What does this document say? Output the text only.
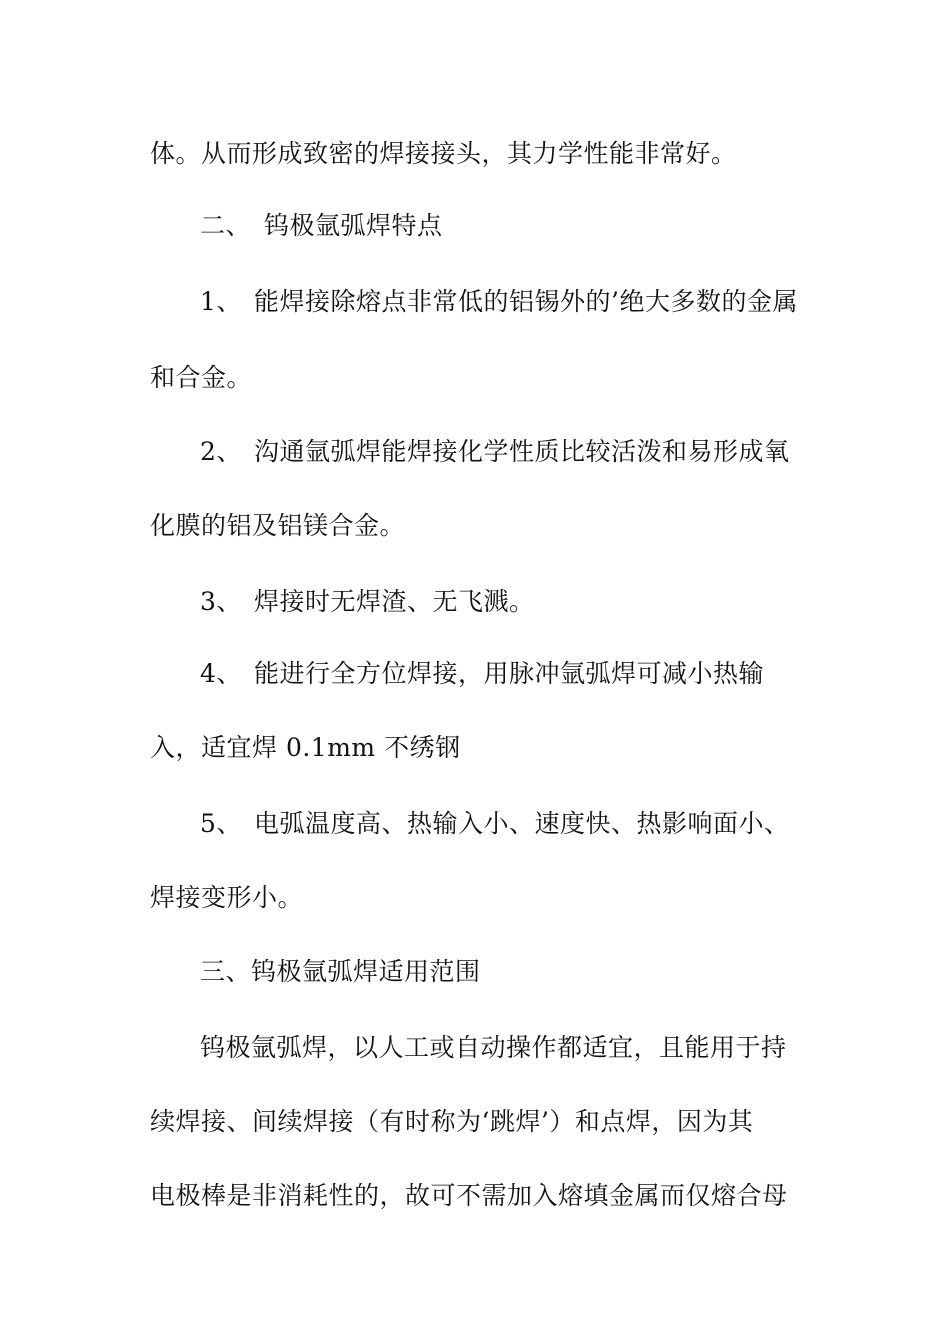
体。从而形成致密的焊接接头，其力学性能非常好。
二、 钨极氩弧焊特点
1、 能焊接除熔点非常低的铝锡外的’绝大多数的金属
和合金。
2、 沟通氩弧焊能焊接化学性质比较活泼和易形成氧
化膜的铝及铝镁合金。
3、 焊接时无焊渣、无飞溅。
4、 能进行全方位焊接，用脉冲氩弧焊可减小热输
入，适宜焊 0.1mm 不绣钢
5、 电弧温度高、热输入小、速度快、热影响面小、
焊接变形小。
三、钨极氩弧焊适用范围
钨极氩弧焊，以人工或自动操作都适宜，且能用于持
续焊接、间续焊接（有时称为‘跳焊’）和点焊，因为其
电极棒是非消耗性的，故可不需加入熔填金属而仅熔合母
